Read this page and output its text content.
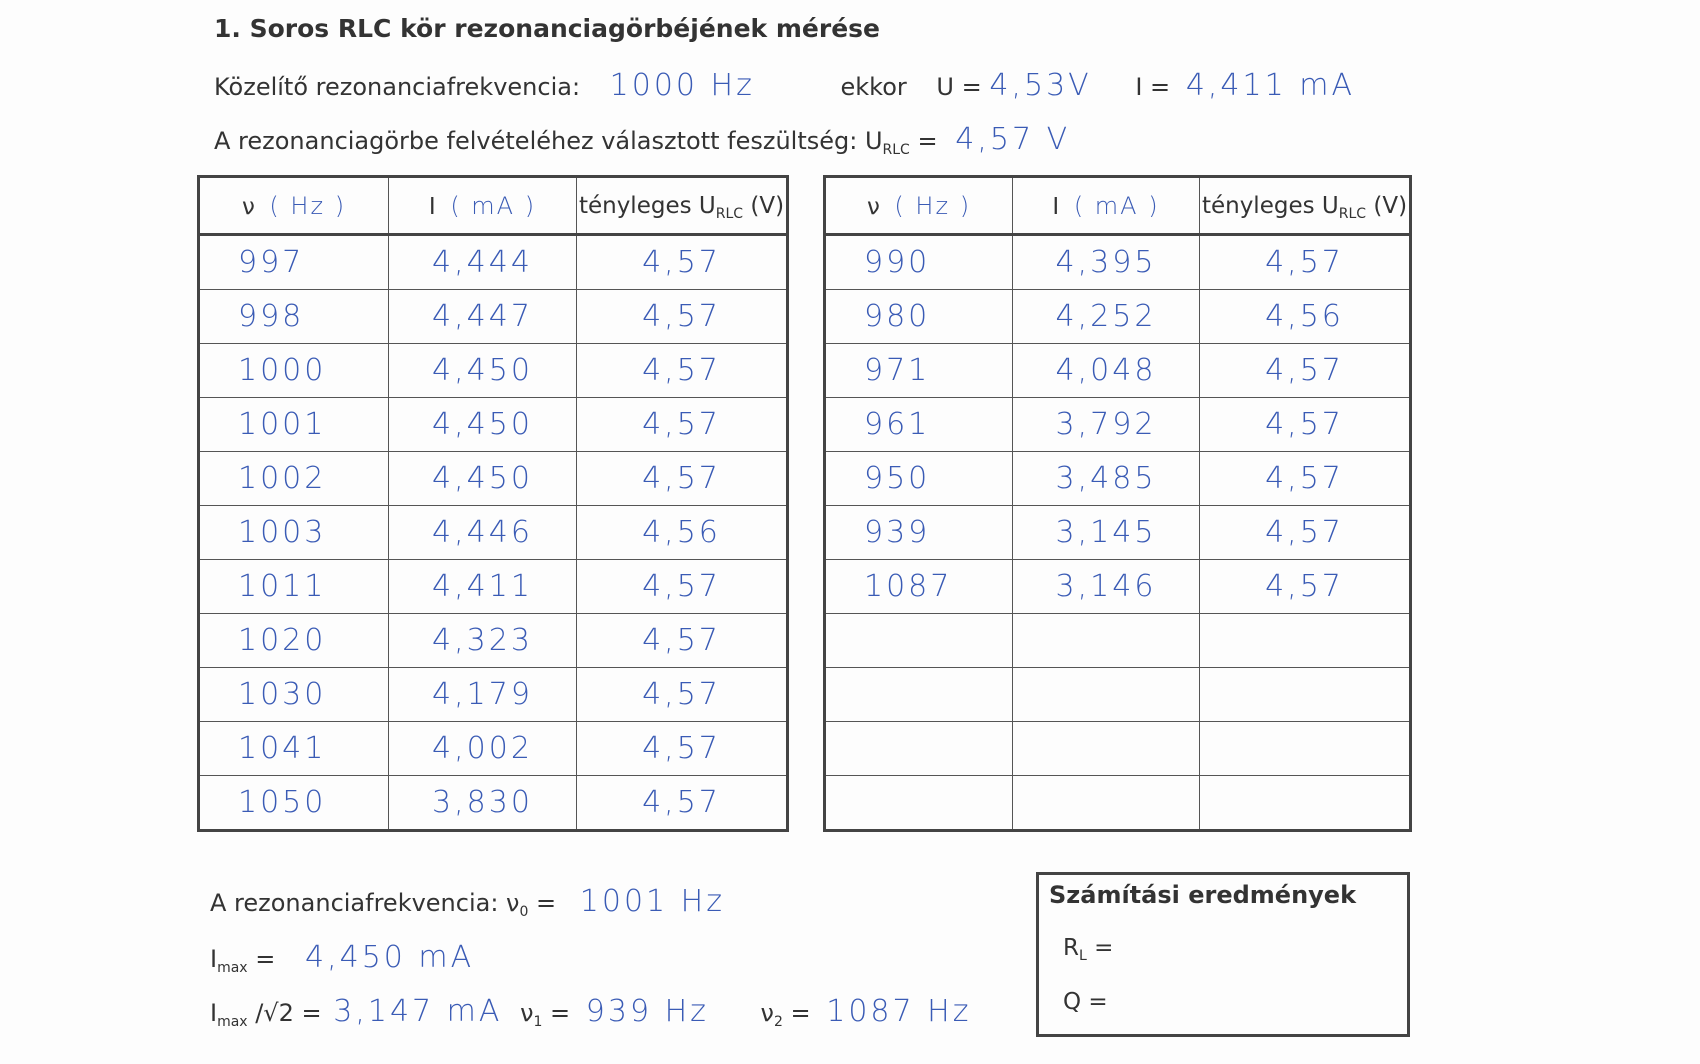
1. Soros RLC kör rezonanciagörbéjének mérése
Közelítő rezonanciafrekvencia: 1000 Hz	ekkor U = 4,53V I = 4,411 mA
A rezonanciagörbe felvételéhez választott feszültség: $U_{RLC} = 4,57$ V
ν ( Hz )	I ( mA )	tényleges $U_{RLC}$ (V)
997	4,444	4,57
998	4,447	4,57
1000	4,450	4,57
1001	4,450	4,57
1002	4,450	4,57
1003	4,446	4,56
1011	4,411	4,57
1020	4,323	4,57
1030	4,179	4,57
1041	4,002	4,57
1050	3,830	4,57
ν ( Hz )	I ( mA )	tényleges $U_{RLC}$ (V)
990	4,395	4,57
980	4,252	4,56
971	4,048	4,57
961	3,792	4,57
950	3,485	4,57
939	3,145	4,57
1087	3,146	4,57

A rezonanciafrekvencia: $\nu_0 = 1001$ Hz
$I_{max} = 4,450$ mA
$I_{max}$ /√2 = 3,147 mA $\nu_1 = 939$ Hz $\nu_2 = 1087$ Hz
Számítási eredmények
$R_L$ =
Q =
